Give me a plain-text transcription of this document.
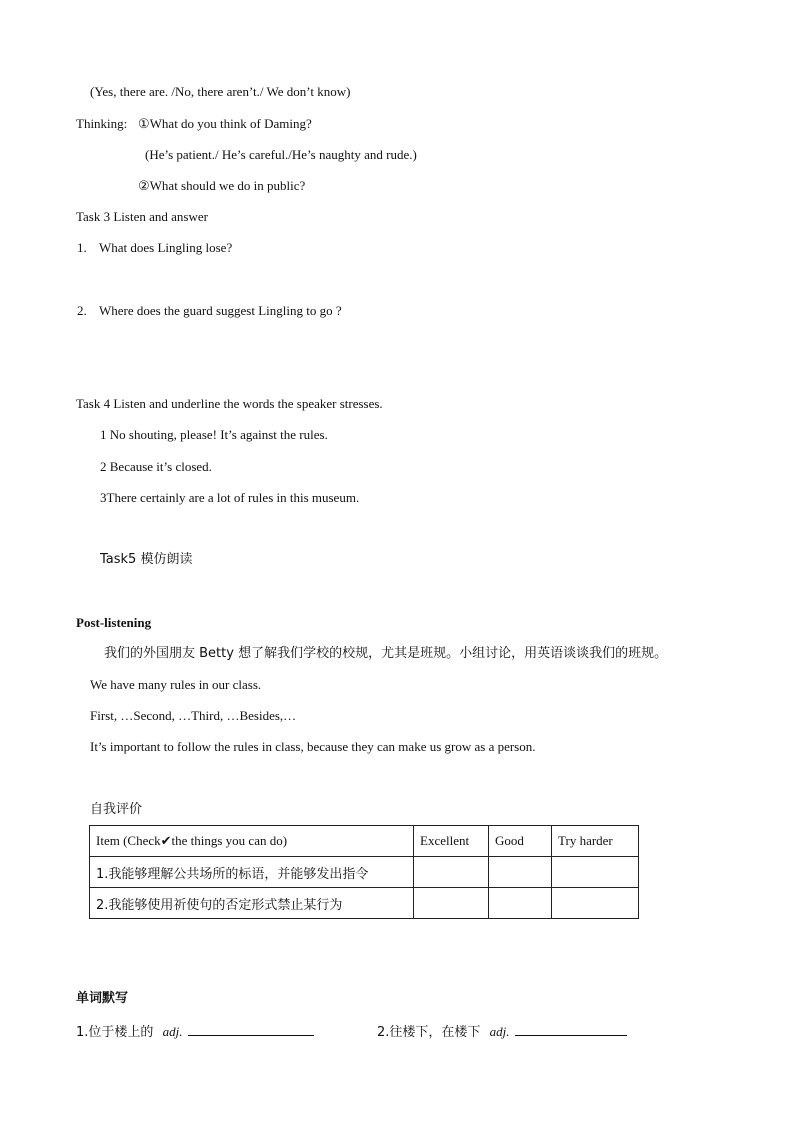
(Yes, there are. /No, there aren’t./ We don’t know)
Thinking: ①What do you think of Daming?
(He’s patient./ He’s careful./He’s naughty and rude.)
②What should we do in public?
Task 3 Listen and answer
1. What does Lingling lose?
2. Where does the guard suggest Lingling to go ?
Task 4 Listen and underline the words the speaker stresses.
1 No shouting, please! It’s against the rules.
2 Because it’s closed.
3There certainly are a lot of rules in this museum.
Task5 模仿朗读
Post-listening
我们的外国朋友 Betty 想了解我们学校的校规，尤其是班规。小组讨论，用英语谈谈我们的班规。
We have many rules in our class.
First, …Second, …Third, …Besides,…
It’s important to follow the rules in class, because they can make us grow as a person.
自我评价
Item (Check✔the things you can do)	Excellent	Good	Try harder
1.我能够理解公共场所的标语，并能够发出指令			
2.我能够使用祈使句的否定形式禁止某行为			
单词默写
1.位于楼上的 adj.	2.往楼下，在楼下 adj.
